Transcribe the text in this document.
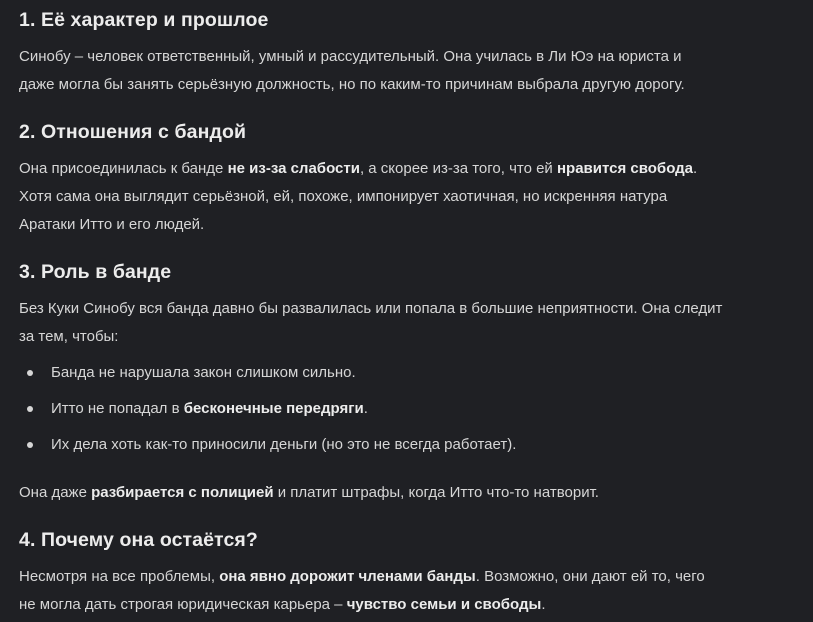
1. Её характер и прошлое

Синобу – человек ответственный, умный и рассудительный. Она училась в Ли Юэ на юриста и
даже могла бы занять серьёзную должность, но по каким-то причинам выбрала другую дорогу.

2. Отношения с бандой

Она присоединилась к банде не из-за слабости, а скорее из-за того, что ей нравится свобода.
Хотя сама она выглядит серьёзной, ей, похоже, импонирует хаотичная, но искренняя натура
Аратаки Итто и его людей.

3. Роль в банде

Без Куки Синобу вся банда давно бы развалилась или попала в большие неприятности. Она следит
за тем, чтобы:

Банда не нарушала закон слишком сильно.
Итто не попадал в бесконечные передряги.
Их дела хоть как-то приносили деньги (но это не всегда работает).

Она даже разбирается с полицией и платит штрафы, когда Итто что-то натворит.

4. Почему она остаётся?

Несмотря на все проблемы, она явно дорожит членами банды. Возможно, они дают ей то, чего
не могла дать строгая юридическая карьера – чувство семьи и свободы.
